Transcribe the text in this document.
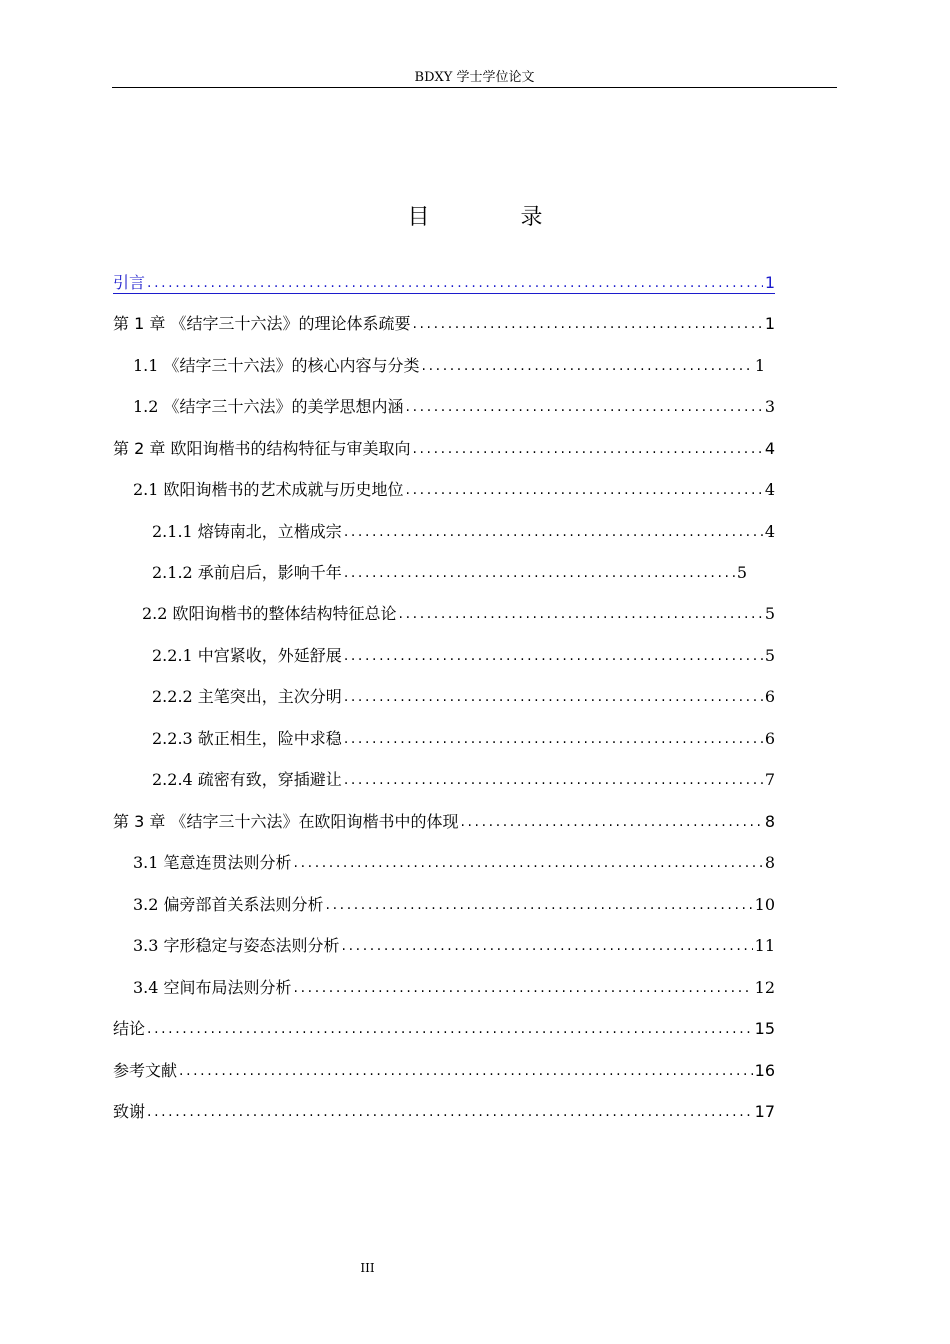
BDXY 学士学位论文
目 录
引言 .....	1
第 1 章 《结字三十六法》的理论体系疏要 .....	1
1.1 《结字三十六法》的核心内容与分类 .....	1
1.2 《结字三十六法》的美学思想内涵 .....	3
第 2 章 欧阳询楷书的结构特征与审美取向 .....	4
2.1 欧阳询楷书的艺术成就与历史地位 .....	4
2.1.1 熔铸南北，立楷成宗 .....	4
2.1.2 承前启后，影响千年 .....	5
2.2 欧阳询楷书的整体结构特征总论 .....	5
2.2.1 中宫紧收，外延舒展 .....	5
2.2.2 主笔突出，主次分明 .....	6
2.2.3 欹正相生，险中求稳 .....	6
2.2.4 疏密有致，穿插避让 .....	7
第 3 章 《结字三十六法》在欧阳询楷书中的体现 .....	8
3.1 笔意连贯法则分析 .....	8
3.2 偏旁部首关系法则分析 .....	10
3.3 字形稳定与姿态法则分析 .....	11
3.4 空间布局法则分析 .....	12
结论 .....	15
参考文献 .....	16
致谢 .....	17
III
